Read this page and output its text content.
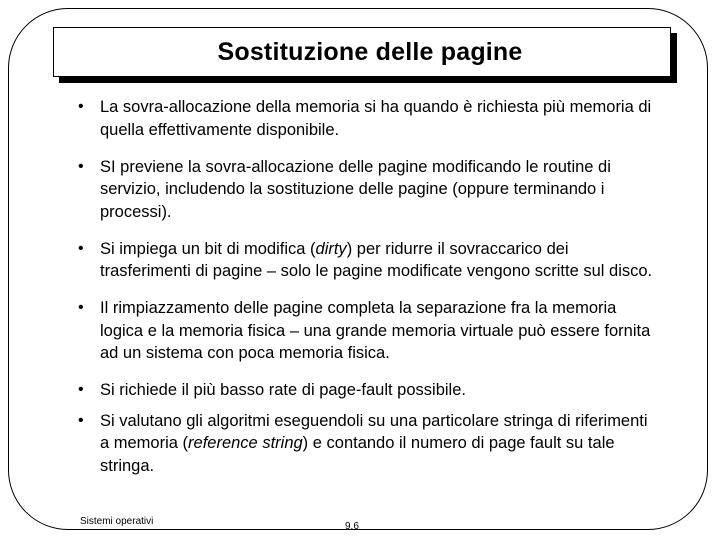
Sostituzione delle pagine
• La sovra-allocazione della memoria si ha quando è richiesta più memoria di quella effettivamente disponibile.
• SI previene la sovra-allocazione delle pagine modificando le routine di servizio, includendo la sostituzione delle pagine (oppure terminando i processi).
• Si impiega un bit di modifica (dirty) per ridurre il sovraccarico dei trasferimenti di pagine – solo le pagine modificate vengono scritte sul disco.
• Il rimpiazzamento delle pagine completa la separazione fra la memoria logica e la memoria fisica – una grande memoria virtuale può essere fornita ad un sistema con poca memoria fisica.
• Si richiede il più basso rate di page-fault possibile.
• Si valutano gli algoritmi eseguendoli su una particolare stringa di riferimenti a memoria (reference string) e contando il numero di page fault su tale stringa.
Sistemi operativi	9.6
